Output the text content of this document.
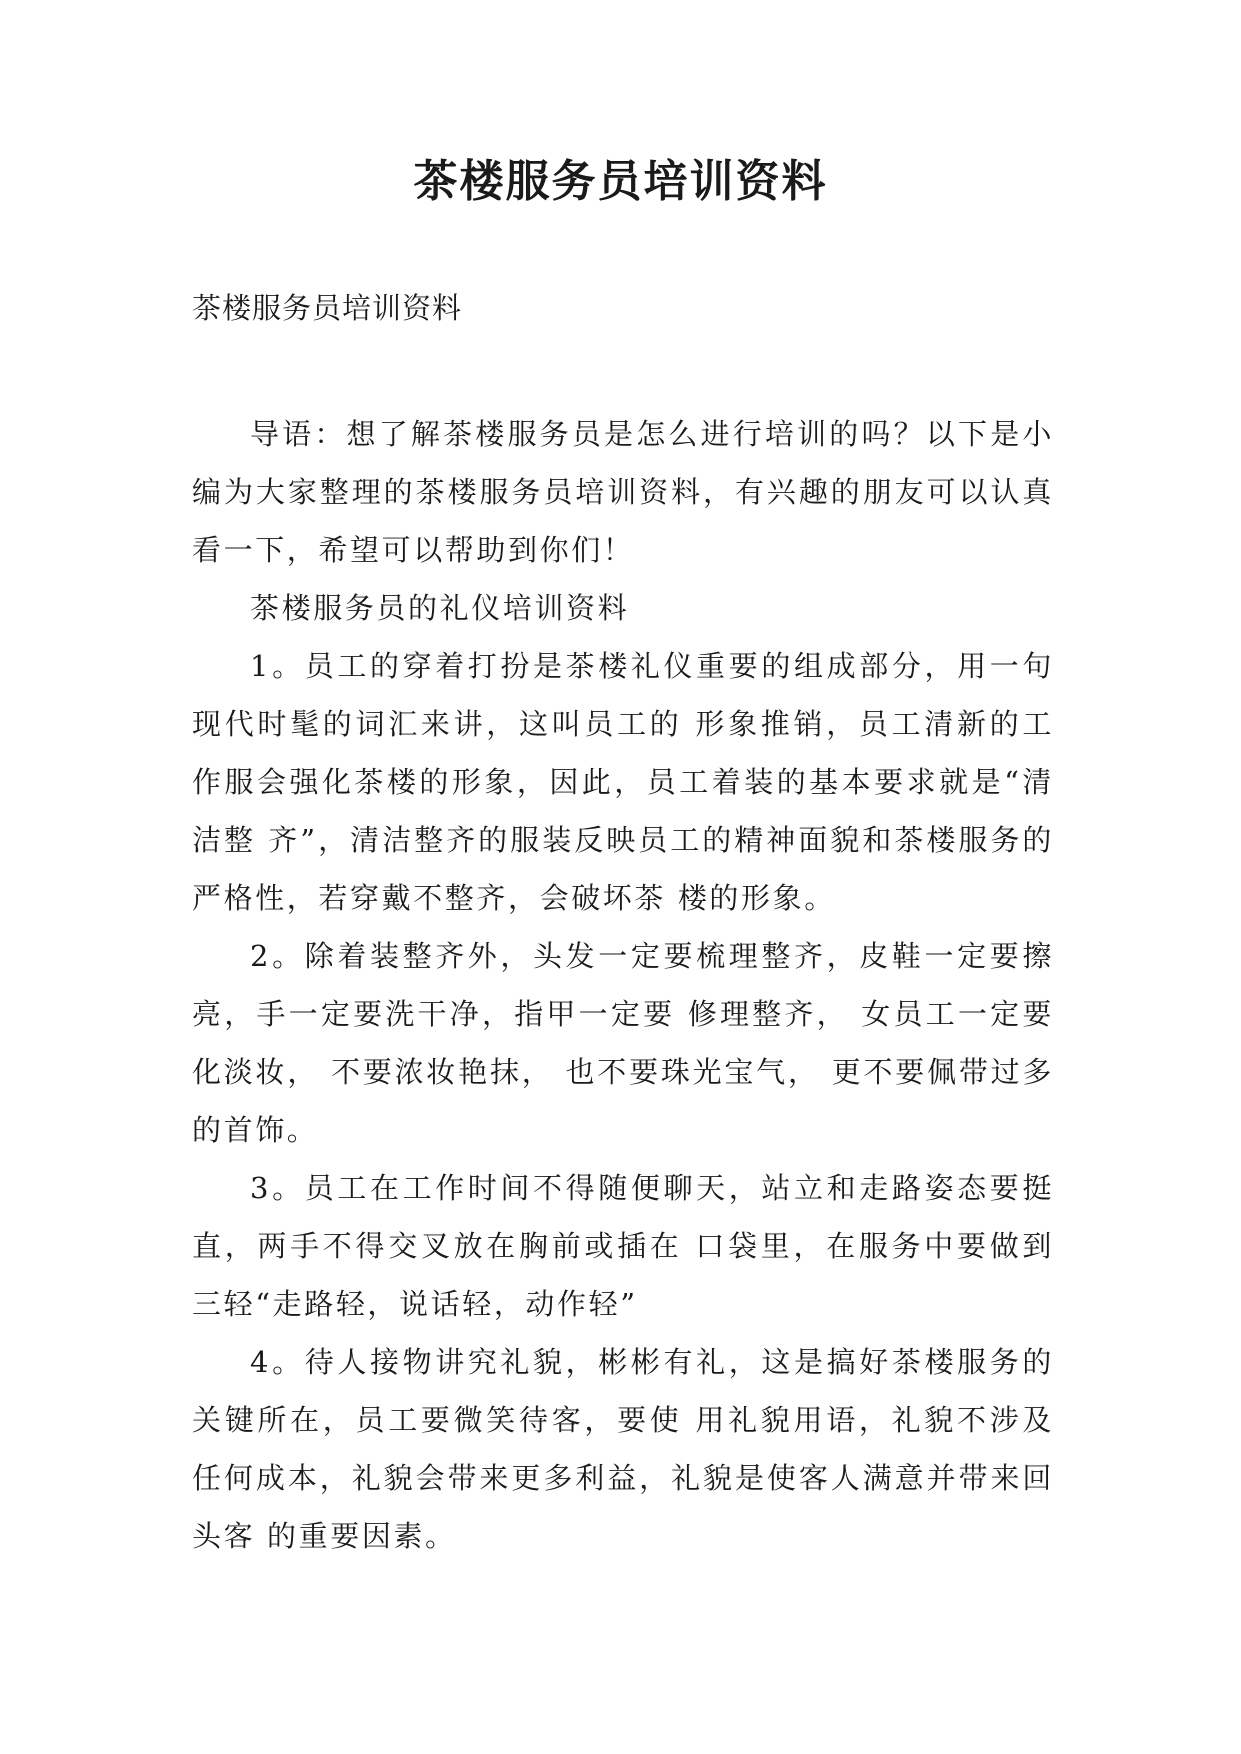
茶楼服务员培训资料

茶楼服务员培训资料

导语：想了解茶楼服务员是怎么进行培训的吗？以下是小编为大家整理的茶楼服务员培训资料，有兴趣的朋友可以认真看一下，希望可以帮助到你们！

茶楼服务员的礼仪培训资料

1。员工的穿着打扮是茶楼礼仪重要的组成部分，用一句现代时髦的词汇来讲，这叫员工的 形象推销，员工清新的工作服会强化茶楼的形象，因此，员工着装的基本要求就是“清洁整 齐”，清洁整齐的服装反映员工的精神面貌和茶楼服务的严格性，若穿戴不整齐，会破坏茶 楼的形象。

2。除着装整齐外，头发一定要梳理整齐，皮鞋一定要擦亮，手一定要洗干净，指甲一定要 修理整齐， 女员工一定要化淡妆， 不要浓妆艳抹， 也不要珠光宝气， 更不要佩带过多的首饰。

3。员工在工作时间不得随便聊天，站立和走路姿态要挺直，两手不得交叉放在胸前或插在 口袋里，在服务中要做到三轻“走路轻，说话轻，动作轻”

4。待人接物讲究礼貌，彬彬有礼，这是搞好茶楼服务的关键所在，员工要微笑待客，要使 用礼貌用语，礼貌不涉及任何成本，礼貌会带来更多利益，礼貌是使客人满意并带来回头客 的重要因素。
